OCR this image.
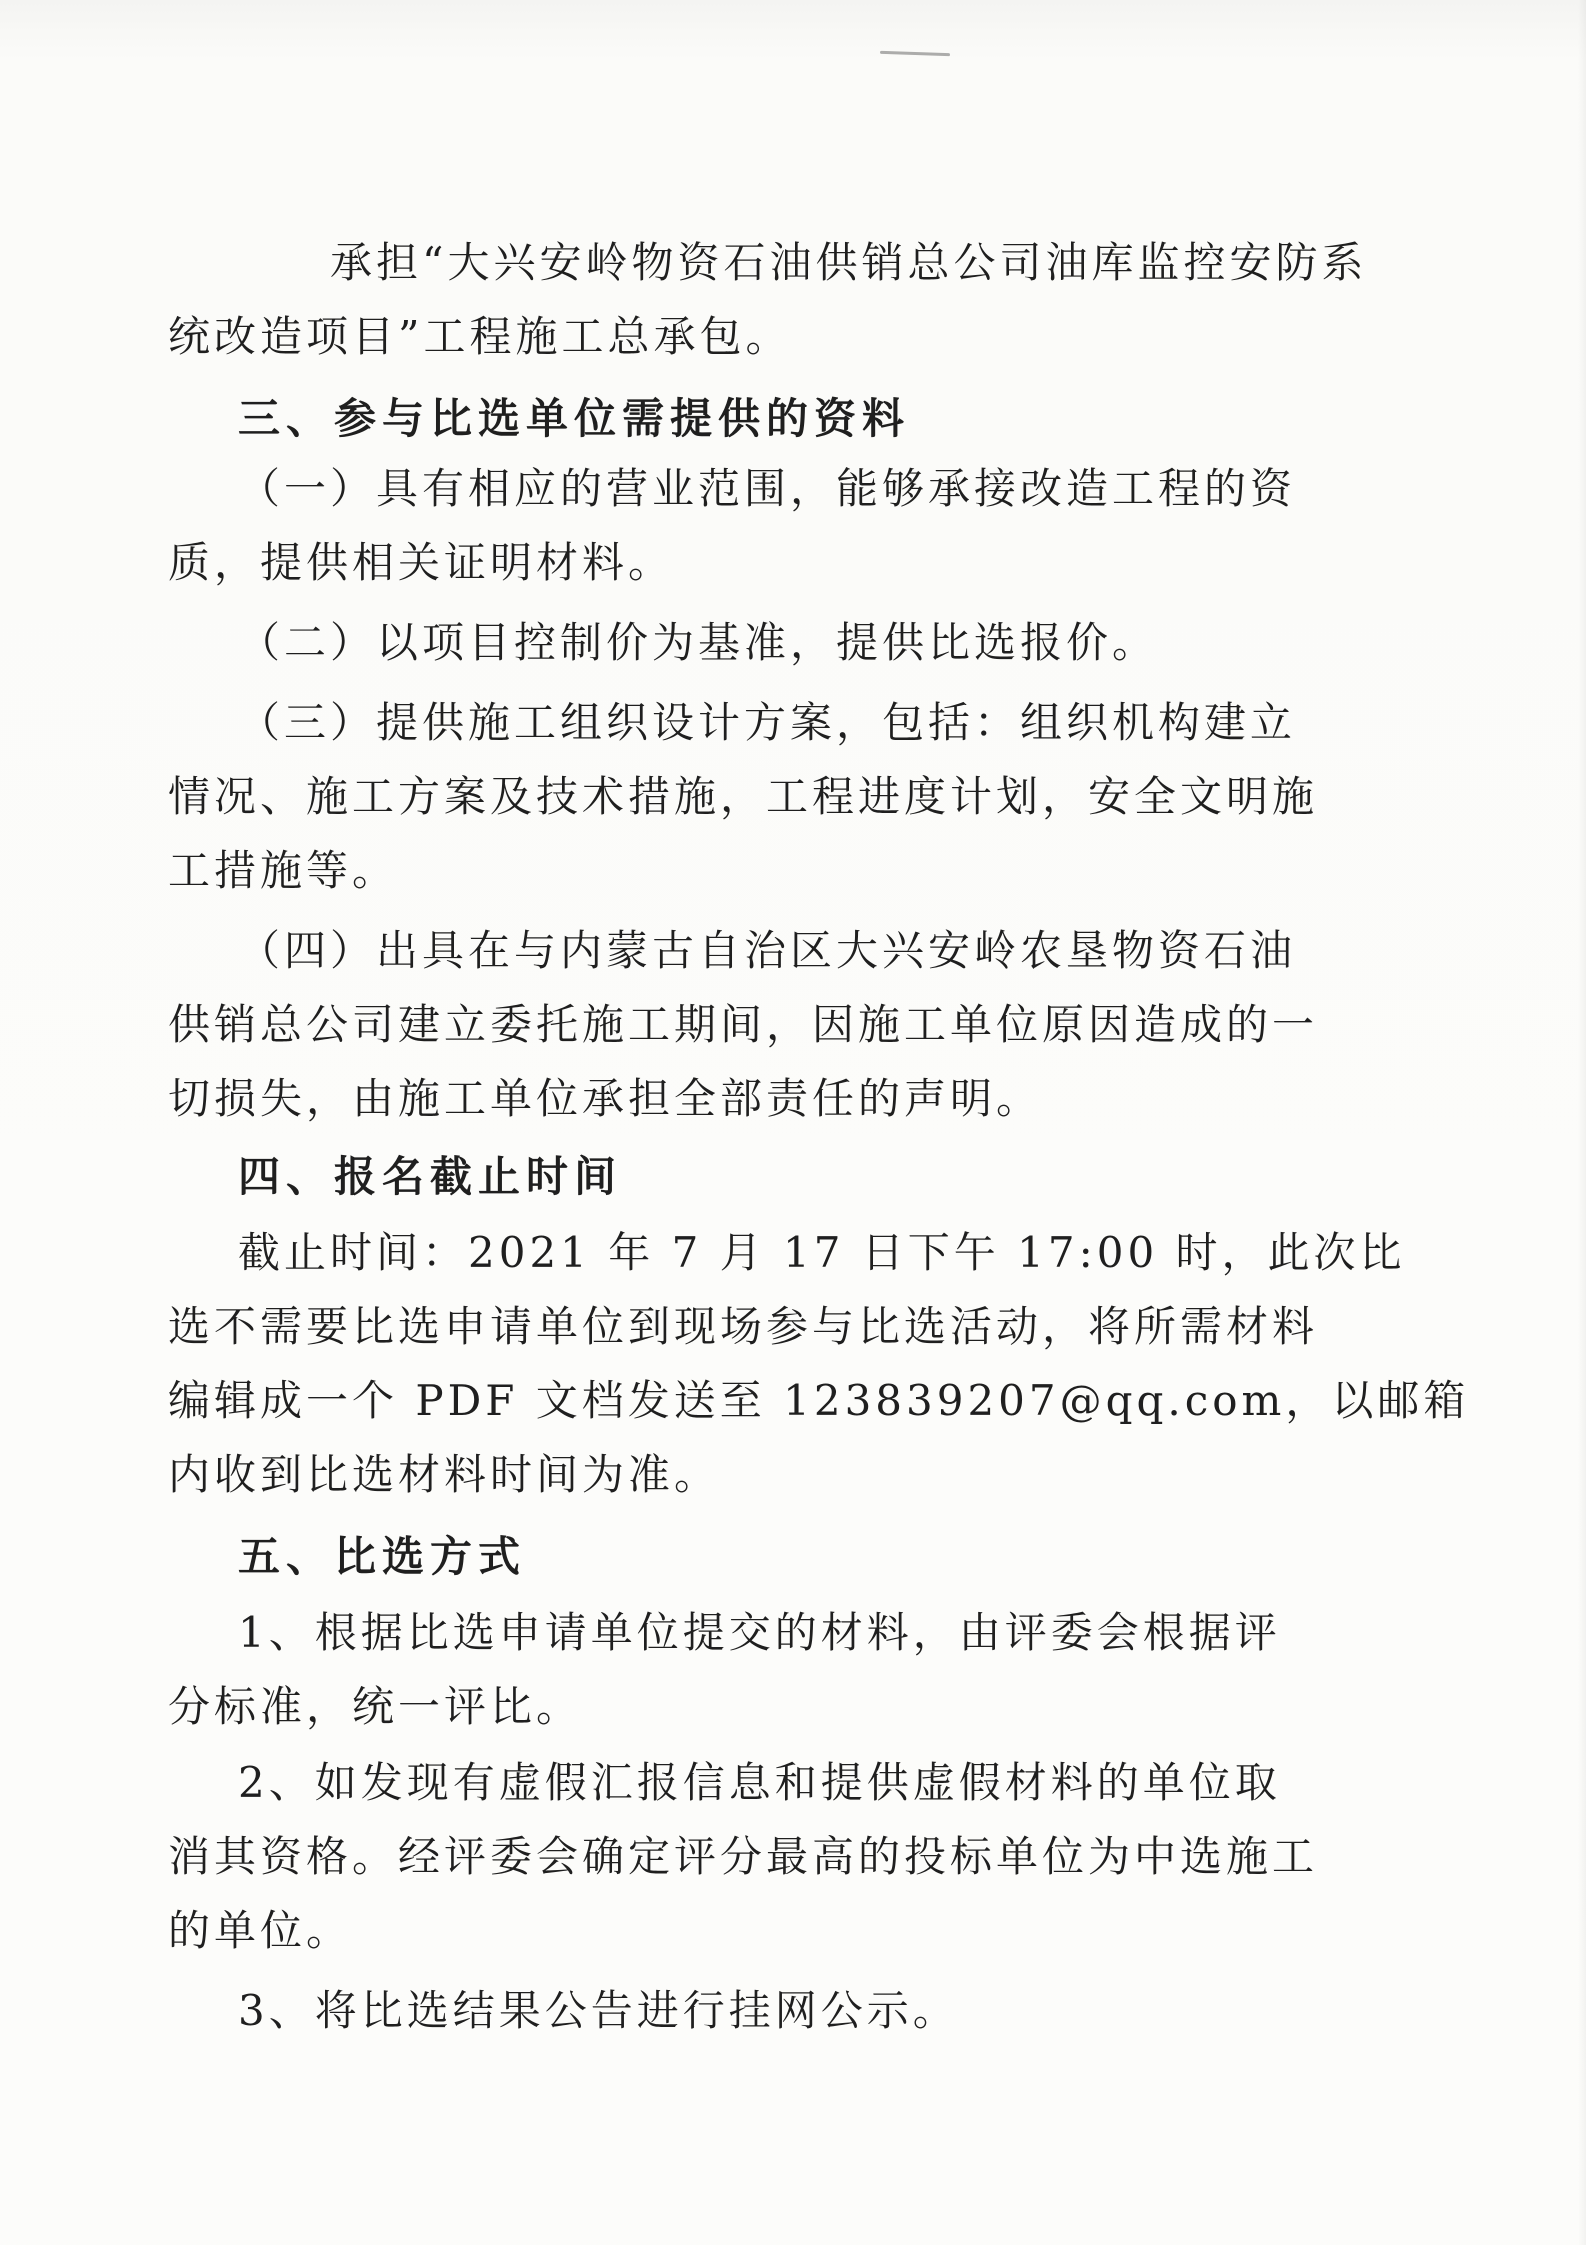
承担“大兴安岭物资石油供销总公司油库监控安防系
统改造项目”工程施工总承包。
三、参与比选单位需提供的资料
（一）具有相应的营业范围，能够承接改造工程的资
质，提供相关证明材料。
（二）以项目控制价为基准，提供比选报价。
（三）提供施工组织设计方案，包括：组织机构建立
情况、施工方案及技术措施，工程进度计划，安全文明施
工措施等。
（四）出具在与内蒙古自治区大兴安岭农垦物资石油
供销总公司建立委托施工期间，因施工单位原因造成的一
切损失，由施工单位承担全部责任的声明。
四、报名截止时间
截止时间：2021 年 7 月 17 日下午 17:00 时，此次比
选不需要比选申请单位到现场参与比选活动，将所需材料
编辑成一个 PDF 文档发送至 123839207@qq.com，以邮箱
内收到比选材料时间为准。
五、比选方式
1、根据比选申请单位提交的材料，由评委会根据评
分标准，统一评比。
2、如发现有虚假汇报信息和提供虚假材料的单位取
消其资格。经评委会确定评分最高的投标单位为中选施工
的单位。
3、将比选结果公告进行挂网公示。
